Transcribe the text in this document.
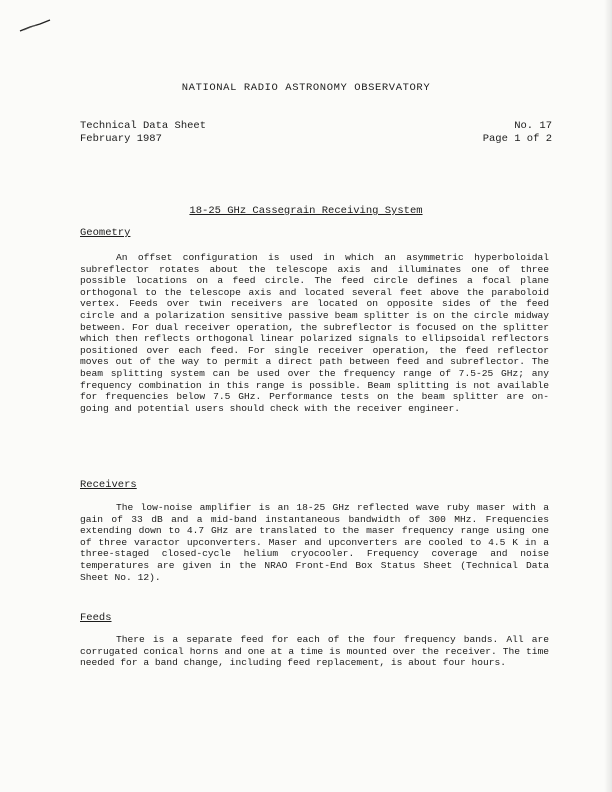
NATIONAL RADIO ASTRONOMY OBSERVATORY
Technical Data Sheet
February 1987
No. 17
Page 1 of 2
18-25 GHz Cassegrain Receiving System
Geometry

An offset configuration is used in which an asymmetric hyperboloidal subreflector rotates about the telescope axis and illuminates one of three possible locations on a feed circle. The feed circle defines a focal plane orthogonal to the telescope axis and located several feet above the paraboloid vertex. Feeds over twin receivers are located on opposite sides of the feed circle and a polarization sensitive passive beam splitter is on the circle midway between. For dual receiver operation, the subreflector is focused on the splitter which then reflects orthogonal linear polarized signals to ellipsoidal reflectors positioned over each feed. For single receiver operation, the feed reflector moves out of the way to permit a direct path between feed and subreflector. The beam splitting system can be used over the frequency range of 7.5-25 GHz; any frequency combination in this range is possible. Beam splitting is not available for frequencies below 7.5 GHz. Performance tests on the beam splitter are on-going and potential users should check with the receiver engineer.

Receivers

The low-noise amplifier is an 18-25 GHz reflected wave ruby maser with a gain of 33 dB and a mid-band instantaneous bandwidth of 300 MHz. Frequencies extending down to 4.7 GHz are translated to the maser frequency range using one of three varactor upconverters. Maser and upconverters are cooled to 4.5 K in a three-staged closed-cycle helium cryocooler. Frequency coverage and noise temperatures are given in the NRAO Front-End Box Status Sheet (Technical Data Sheet No. 12).

Feeds

There is a separate feed for each of the four frequency bands. All are corrugated conical horns and one at a time is mounted over the receiver. The time needed for a band change, including feed replacement, is about four hours.
